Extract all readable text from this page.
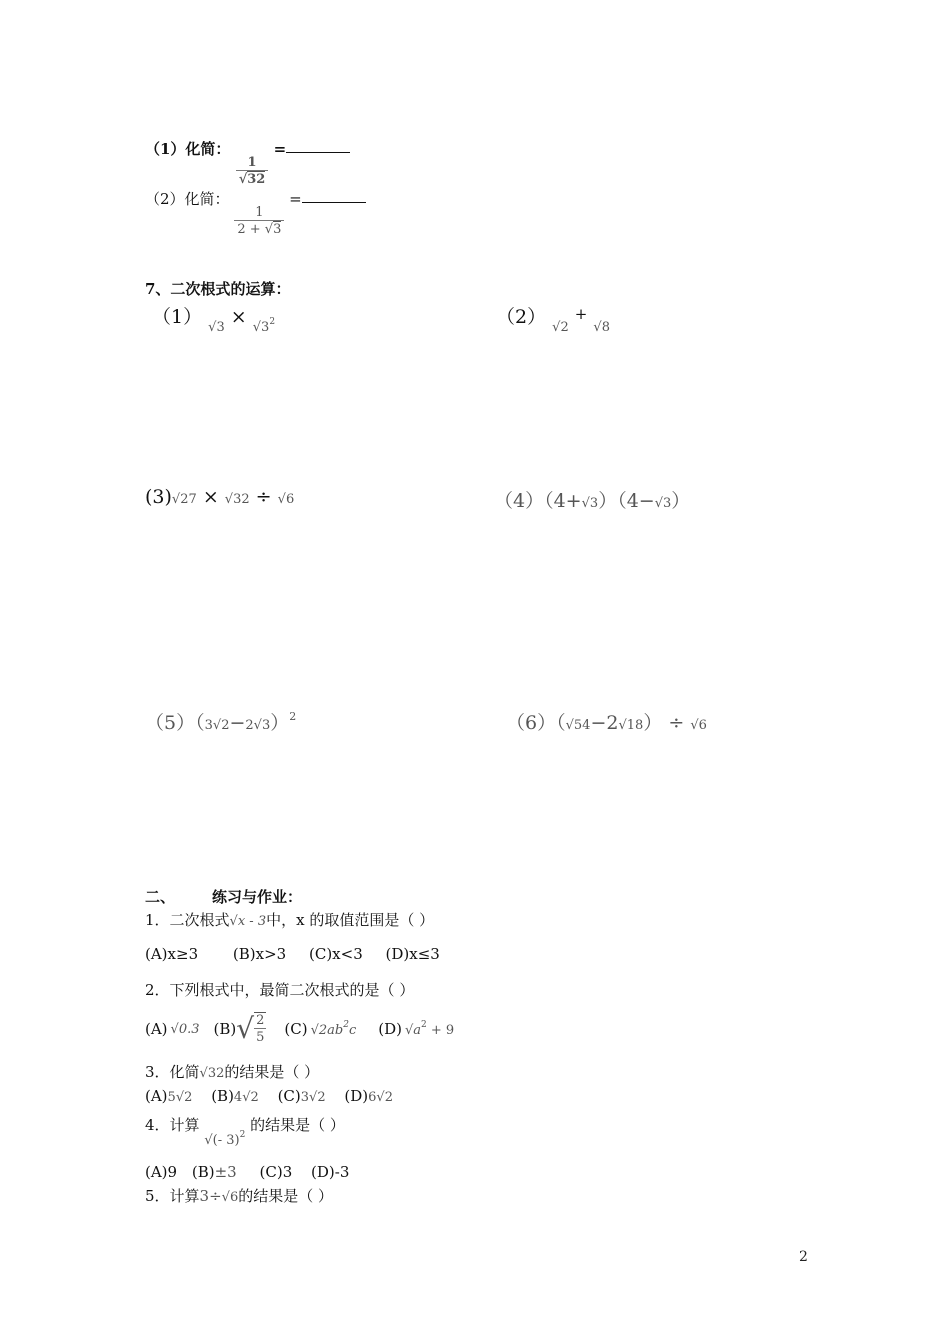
（1）化简：
$\frac{1}{√32}$
=
（2）化简：
$\frac{1}{2 + √3}$
=
7、二次根式的运算：
（1） $_{√3}$ × $_{√3^2}$	（2） $_{√2}$ + $_{√8}$
(3)√27 × √32 ÷ √6	（4）（4+√3）（4−√3）
$(5)(3√2-2√3)^2$	（6）（√54−2√18） ÷ √6
二、 练习与作业：
1．二次根式√x - 3中，x 的取值范围是（ ）
(A)x≥3 (B)x>3 (C)x<3 (D)x≤3
2．下列根式中，最简二次根式的是（ ）
(A) √0.3 (B) √ $\frac{2}{5} (C)$ $√2ab^2c$ (D) $√a^2 + 9$
3．化简√32的结果是（ ）
(A)5√2 (B)4√2 (C)3√2 (D)6√2
4．计算 √(- 3)$^2$ 的结果是（ ）
(A)9 (B)±3 (C)3 (D)-3
5．计算3÷√6的结果是（ ）
2
